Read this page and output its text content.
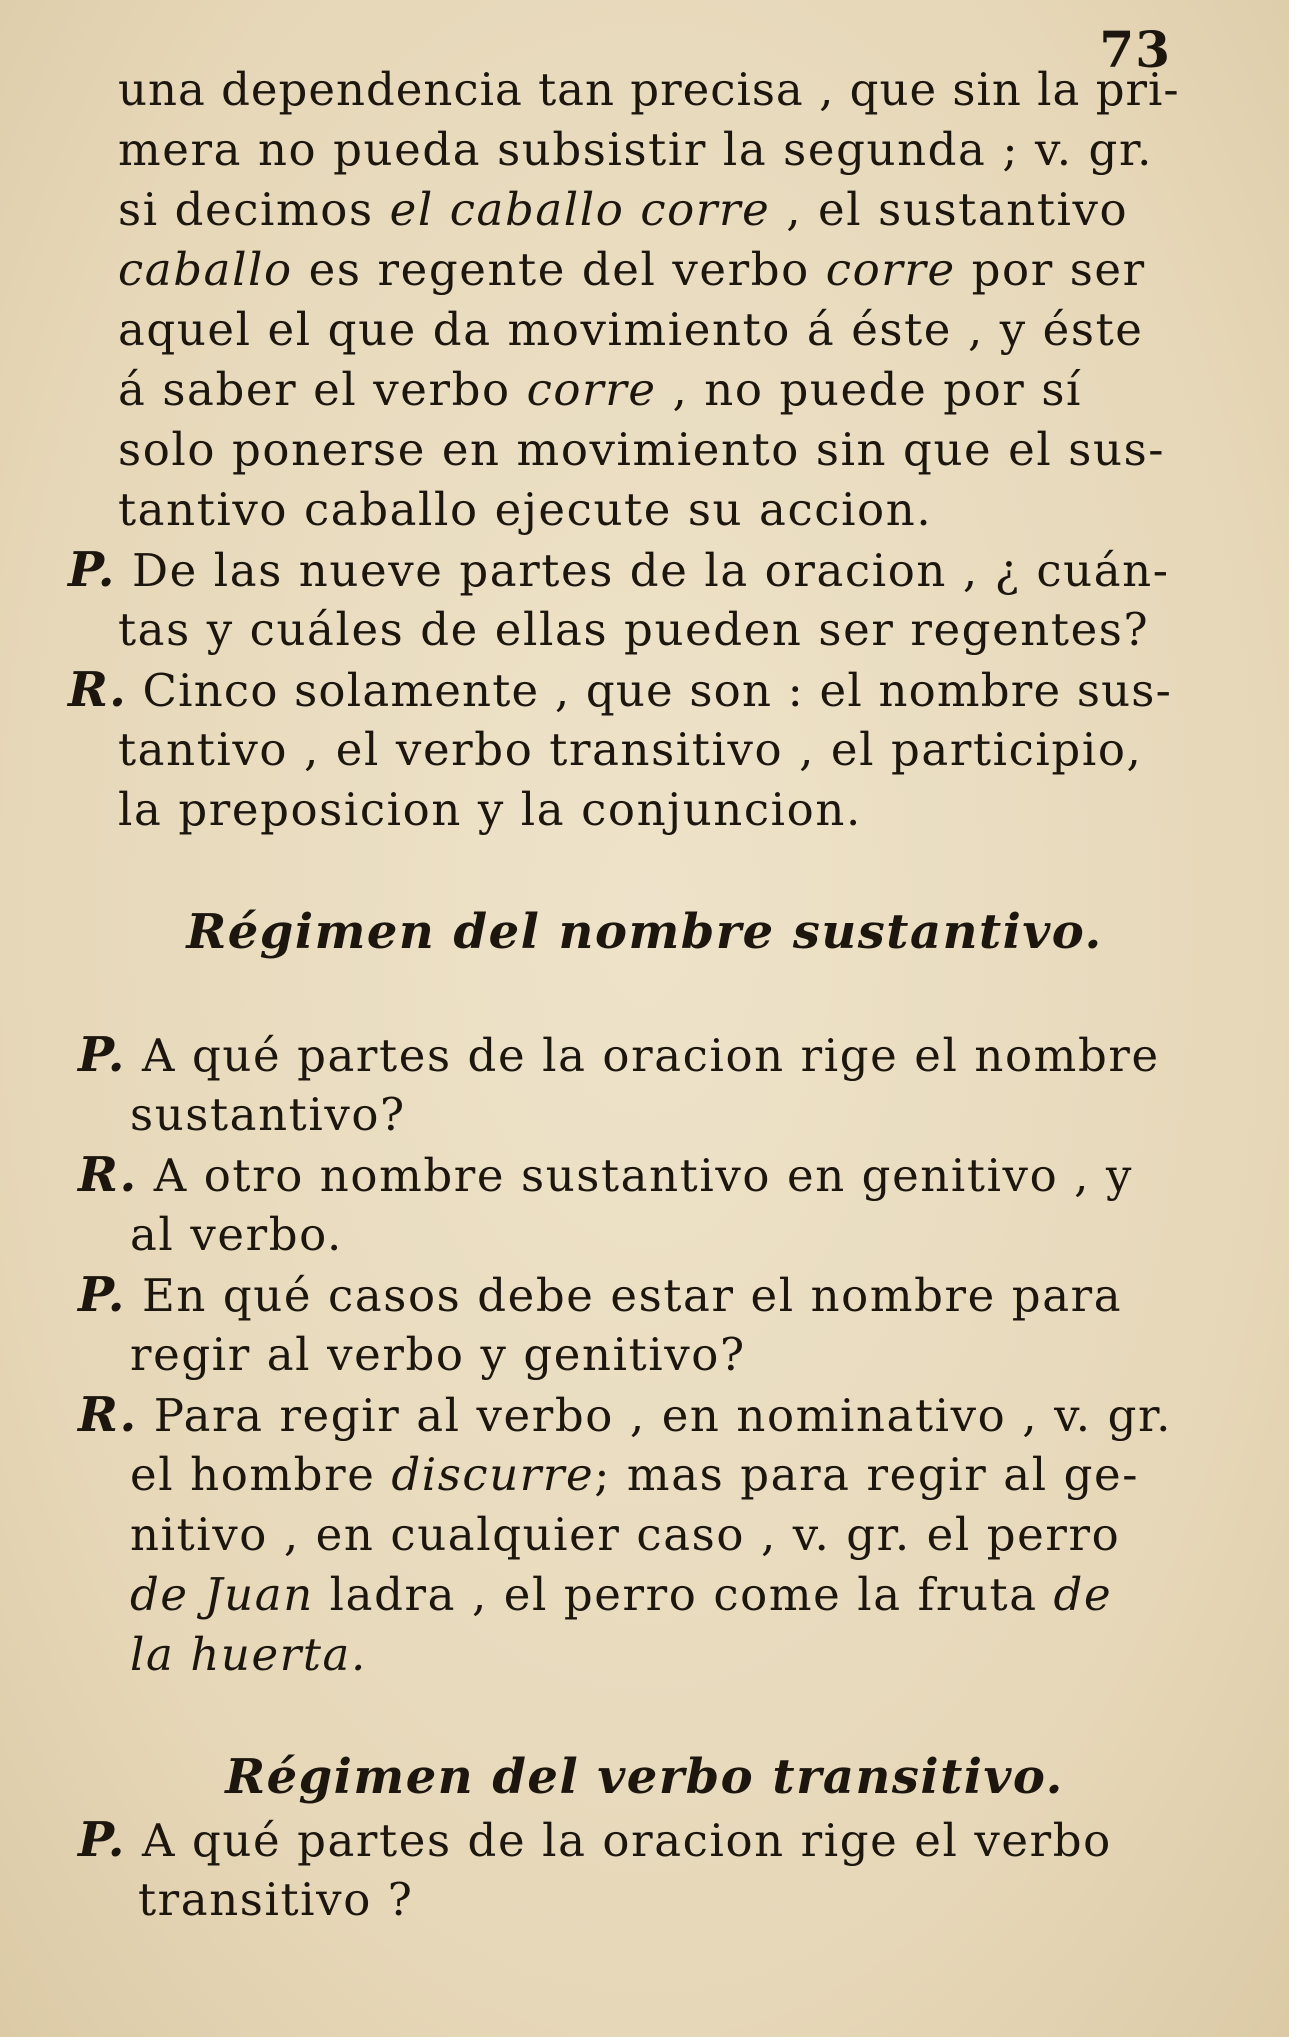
73
una dependencia tan precisa , que sin la pri-
mera no pueda subsistir la segunda ; v. gr.
si decimos el caballo corre , el sustantivo
caballo es regente del verbo corre por ser
aquel el que da movimiento á éste , y éste
á saber el verbo corre , no puede por sí
solo ponerse en movimiento sin que el sus-
tantivo caballo ejecute su accion.
P. De las nueve partes de la oracion , ¿ cuán-
tas y cuáles de ellas pueden ser regentes?
R. Cinco solamente , que son : el nombre sus-
tantivo , el verbo transitivo , el participio,
la preposicion y la conjuncion.
Régimen del nombre sustantivo.
P. A qué partes de la oracion rige el nombre
sustantivo?
R. A otro nombre sustantivo en genitivo , y
al verbo.
P. En qué casos debe estar el nombre para
regir al verbo y genitivo?
R. Para regir al verbo , en nominativo , v. gr.
el hombre discurre; mas para regir al ge-
nitivo , en cualquier caso , v. gr. el perro
de Juan ladra , el perro come la fruta de
la huerta.
Régimen del verbo transitivo.
P. A qué partes de la oracion rige el verbo
transitivo ?
